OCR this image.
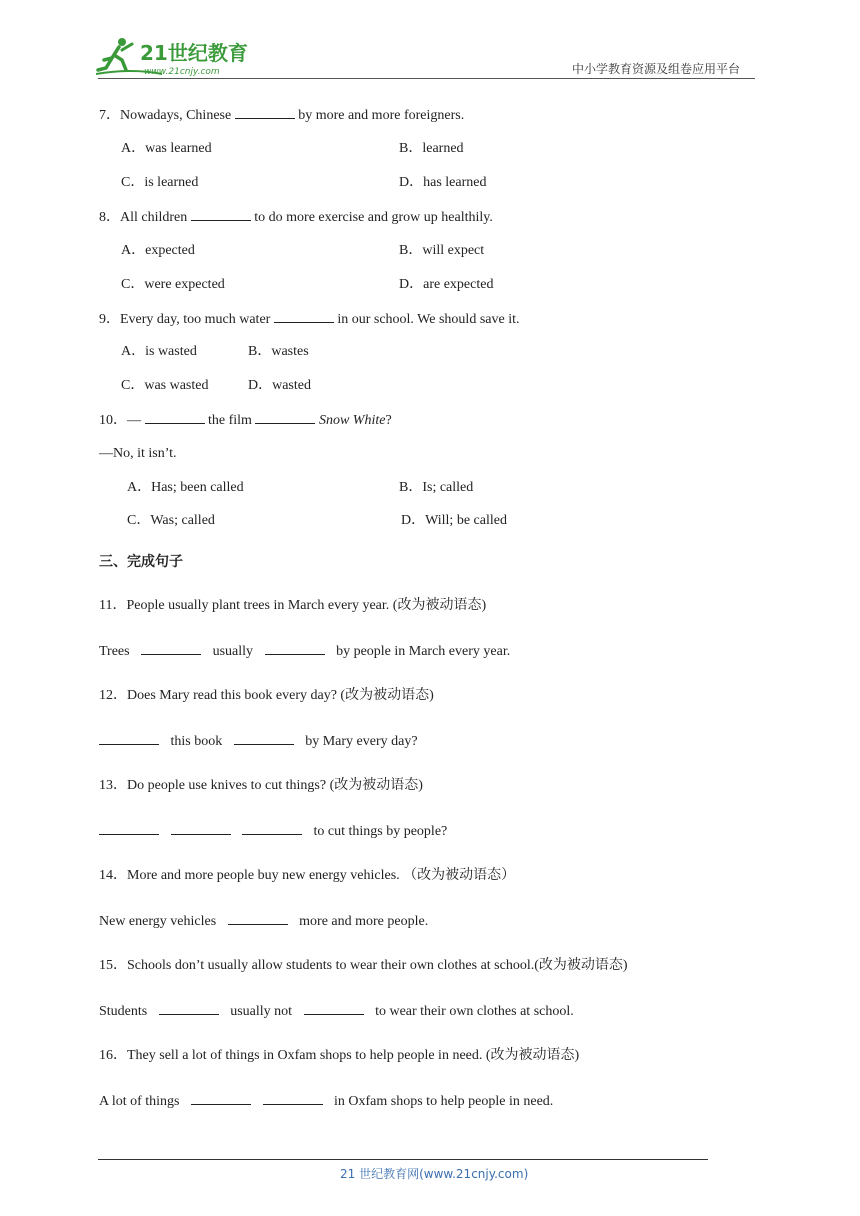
21世纪教育
www.21cnjy.com	中小学教育资源及组卷应用平台
7．Nowadays, Chinese	by more and more foreigners.
A．was learned	B．learned
C．is learned	D．has learned
8．All children	to do more exercise and grow up healthily.
A．expected	B．will expect
C．were expected	D．are expected
9．Every day, too much water	in our school. We should save it.
A．is wasted	B．wastes
C．was wasted	D．wasted
10．—	the film	Snow White?
—No, it isn’t.
A．Has; been called	B．Is; called
C．Was; called	D．Will; be called
三、完成句子
11．People usually plant trees in March every year. (改为被动语态)
Trees	usually	by people in March every year.
12．Does Mary read this book every day? (改为被动语态)
this book	by Mary every day?
13．Do people use knives to cut things? (改为被动语态)
to cut things by people?
14．More and more people buy new energy vehicles. （改为被动语态）
New energy vehicles	more and more people.
15．Schools don’t usually allow students to wear their own clothes at school.(改为被动语态)
Students	usually not	to wear their own clothes at school.
16．They sell a lot of things in Oxfam shops to help people in need. (改为被动语态)
A lot of things	in Oxfam shops to help people in need.
21 世纪教育网(www.21cnjy.com)
